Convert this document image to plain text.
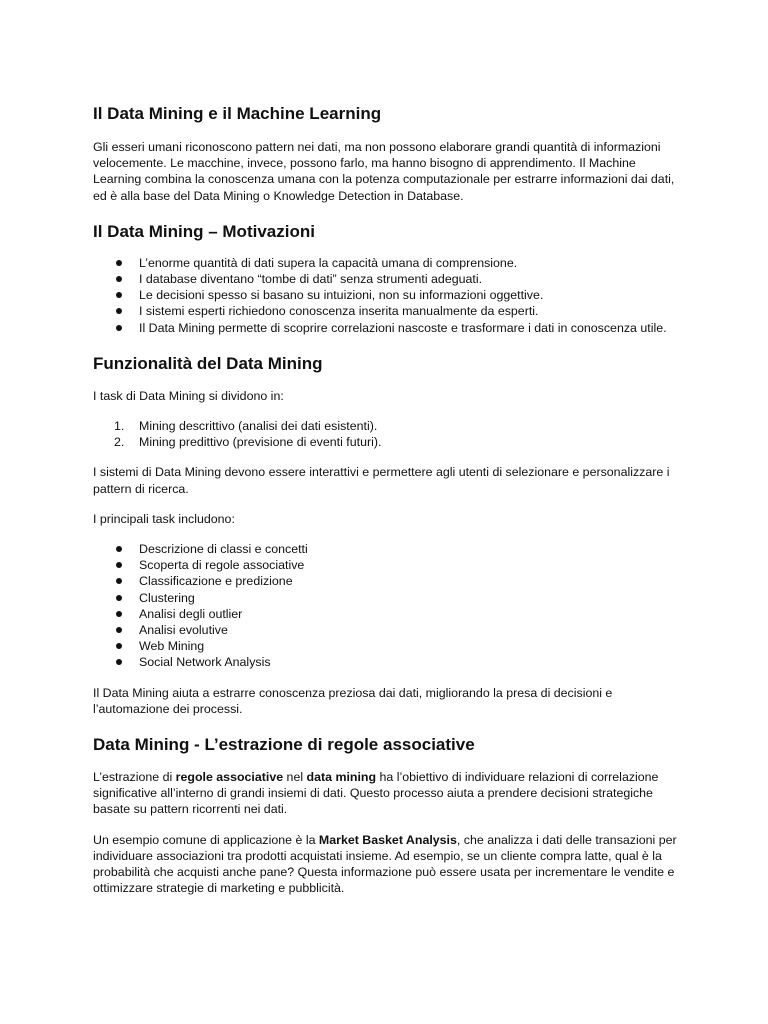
Il Data Mining e il Machine Learning

Gli esseri umani riconoscono pattern nei dati, ma non possono elaborare grandi quantità di informazioni velocemente. Le macchine, invece, possono farlo, ma hanno bisogno di apprendimento. Il Machine Learning combina la conoscenza umana con la potenza computazionale per estrarre informazioni dai dati, ed è alla base del Data Mining o Knowledge Detection in Database.

Il Data Mining – Motivazioni
L’enorme quantità di dati supera la capacità umana di comprensione.
I database diventano “tombe di dati” senza strumenti adeguati.
Le decisioni spesso si basano su intuizioni, non su informazioni oggettive.
I sistemi esperti richiedono conoscenza inserita manualmente da esperti.
Il Data Mining permette di scoprire correlazioni nascoste e trasformare i dati in conoscenza utile.
Funzionalità del Data Mining

I task di Data Mining si dividono in:

1. Mining descrittivo (analisi dei dati esistenti).
2. Mining predittivo (previsione di eventi futuri).

I sistemi di Data Mining devono essere interattivi e permettere agli utenti di selezionare e personalizzare i pattern di ricerca.

I principali task includono:

Descrizione di classi e concetti
Scoperta di regole associative
Classificazione e predizione
Clustering
Analisi degli outlier
Analisi evolutive
Web Mining
Social Network Analysis

Il Data Mining aiuta a estrarre conoscenza preziosa dai dati, migliorando la presa di decisioni e l’automazione dei processi.

Data Mining - L’estrazione di regole associative

L’estrazione di regole associative nel data mining ha l’obiettivo di individuare relazioni di correlazione significative all’interno di grandi insiemi di dati. Questo processo aiuta a prendere decisioni strategiche basate su pattern ricorrenti nei dati.

Un esempio comune di applicazione è la Market Basket Analysis, che analizza i dati delle transazioni per individuare associazioni tra prodotti acquistati insieme. Ad esempio, se un cliente compra latte, qual è la probabilità che acquisti anche pane? Questa informazione può essere usata per incrementare le vendite e ottimizzare strategie di marketing e pubblicità.
